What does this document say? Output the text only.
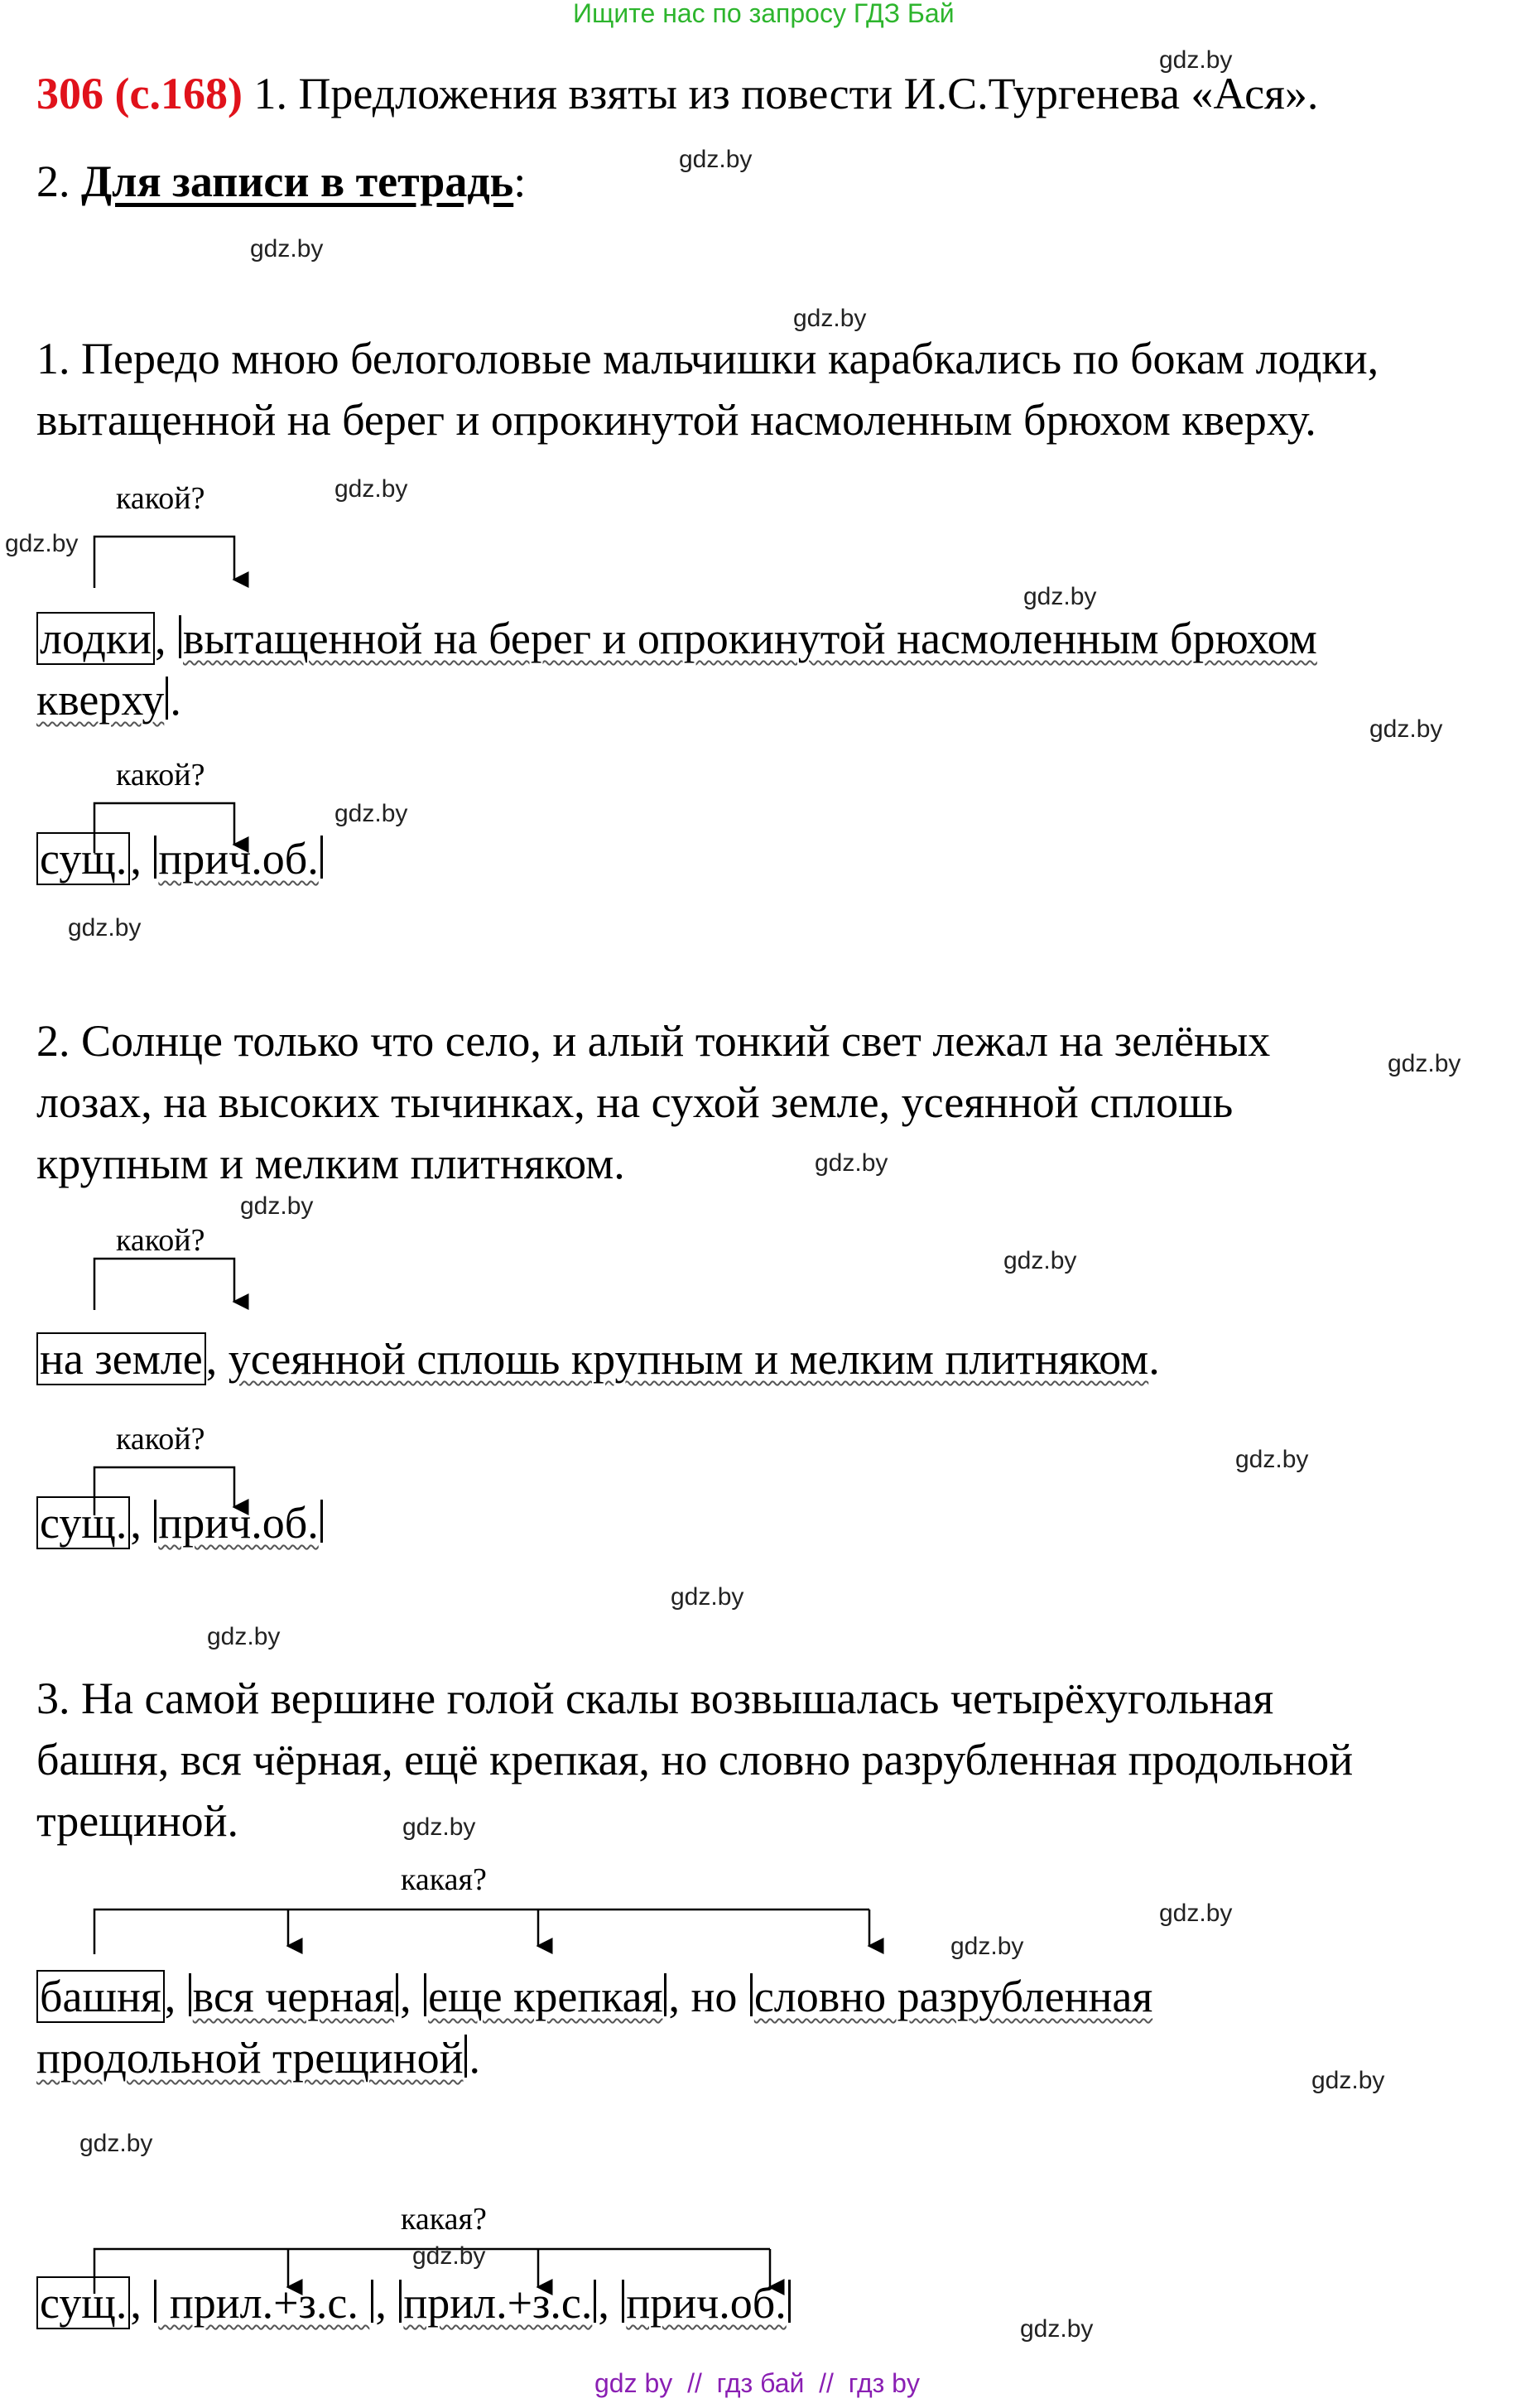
Ищите нас по запросу ГДЗ Бай
306 (с.168) 1. Предложения взяты из повести И.С.Тургенева «Ася».
2. Для записи в тетрадь:
1. Передо мною белоголовые мальчишки карабкались по бокам лодки,
вытащенной на берег и опрокинутой насмоленным брюхом кверху.
какой?
лодки, вытащенной на берег и опрокинутой насмоленным брюхом
кверху .
какой?
сущ., прич.об.
2. Солнце только что село, и алый тонкий свет лежал на зелёных
лозах, на высоких тычинках, на сухой земле, усеянной сплошь
крупным и мелким плитняком.
какой?
на земле, усеянной сплошь крупным и мелким плитняком.
какой?
сущ., прич.об.
3. На самой вершине голой скалы возвышалась четырёхугольная
башня, вся чёрная, ещё крепкая, но словно разрубленная продольной
трещиной.
какая?
башня, вся черная , еще крепкая , но словно разрубленная
продольной трещиной .
какая?
сущ.,  прил.+з.с. , прил.+з.с. , прич.об.
gdz.by
gdz.by
gdz.by
gdz.by
gdz.by
gdz.by
gdz.by
gdz.by
gdz.by
gdz.by
gdz.by
gdz.by
gdz.by
gdz.by
gdz.by
gdz.by
gdz.by
gdz.by
gdz.by
gdz.by
gdz.by
gdz.by
gdz.by
gdz.by
gdz by  //  гдз бай  //  гдз by
